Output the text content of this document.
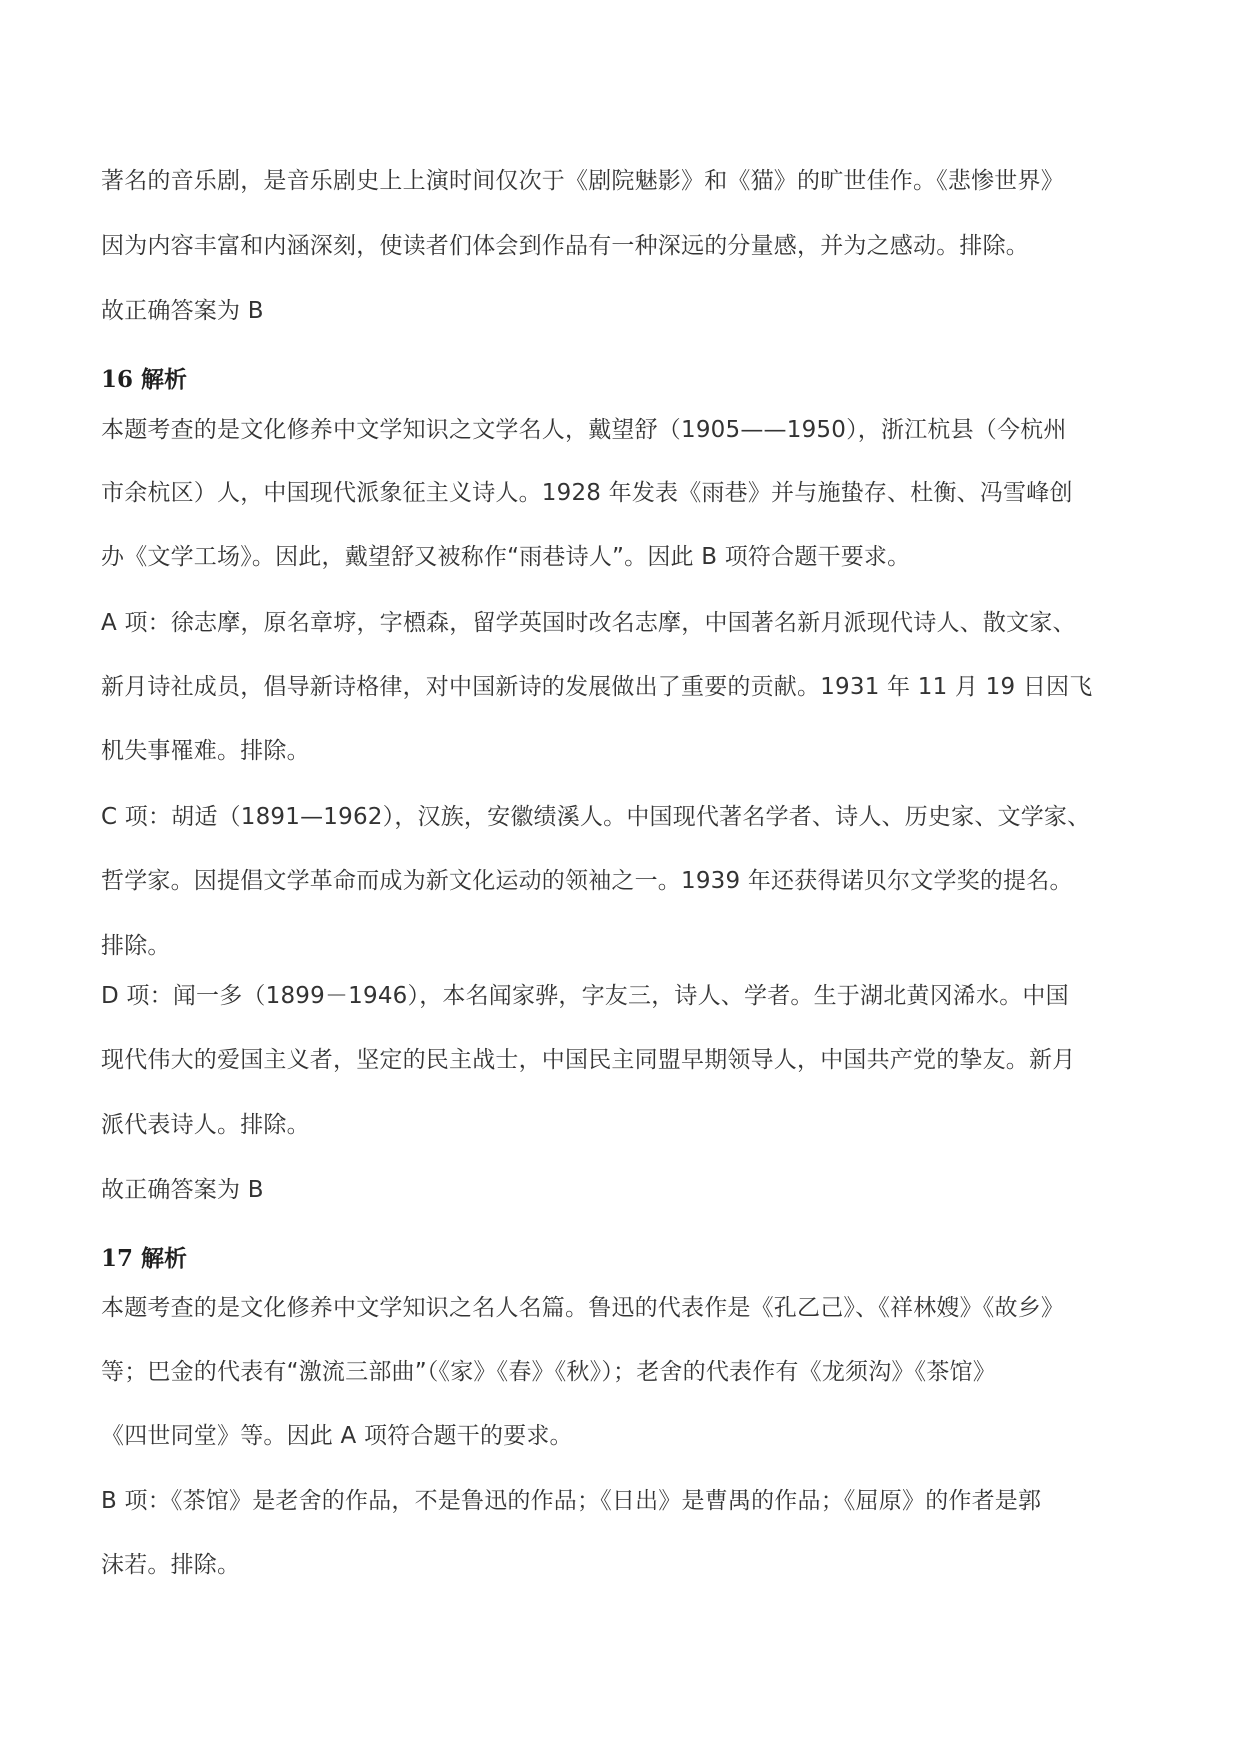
著名的音乐剧，是音乐剧史上上演时间仅次于《剧院魅影》和《猫》的旷世佳作。《悲惨世界》
因为内容丰富和内涵深刻，使读者们体会到作品有一种深远的分量感，并为之感动。排除。
故正确答案为 B
16 解析
本题考查的是文化修养中文学知识之文学名人，戴望舒（1905——1950），浙江杭县（今杭州
市余杭区）人，中国现代派象征主义诗人。1928 年发表《雨巷》并与施蛰存、杜衡、冯雪峰创
办《文学工场》。因此，戴望舒又被称作“雨巷诗人”。因此 B 项符合题干要求。
A 项：徐志摩，原名章垿，字槱森，留学英国时改名志摩，中国著名新月派现代诗人、散文家、
新月诗社成员，倡导新诗格律，对中国新诗的发展做出了重要的贡献。1931 年 11 月 19 日因飞
机失事罹难。排除。
C 项：胡适（1891—1962），汉族，安徽绩溪人。中国现代著名学者、诗人、历史家、文学家、
哲学家。因提倡文学革命而成为新文化运动的领袖之一。1939 年还获得诺贝尔文学奖的提名。
排除。
D 项：闻一多（1899－1946），本名闻家骅，字友三，诗人、学者。生于湖北黄冈浠水。中国
现代伟大的爱国主义者，坚定的民主战士，中国民主同盟早期领导人，中国共产党的挚友。新月
派代表诗人。排除。
故正确答案为 B
17 解析
本题考查的是文化修养中文学知识之名人名篇。鲁迅的代表作是《孔乙己》、《祥林嫂》《故乡》
等；巴金的代表有“激流三部曲”（《家》《春》《秋》）；老舍的代表作有《龙须沟》《茶馆》
《四世同堂》等。因此 A 项符合题干的要求。
B 项：《茶馆》是老舍的作品，不是鲁迅的作品；《日出》是曹禺的作品；《屈原》的作者是郭
沫若。排除。
